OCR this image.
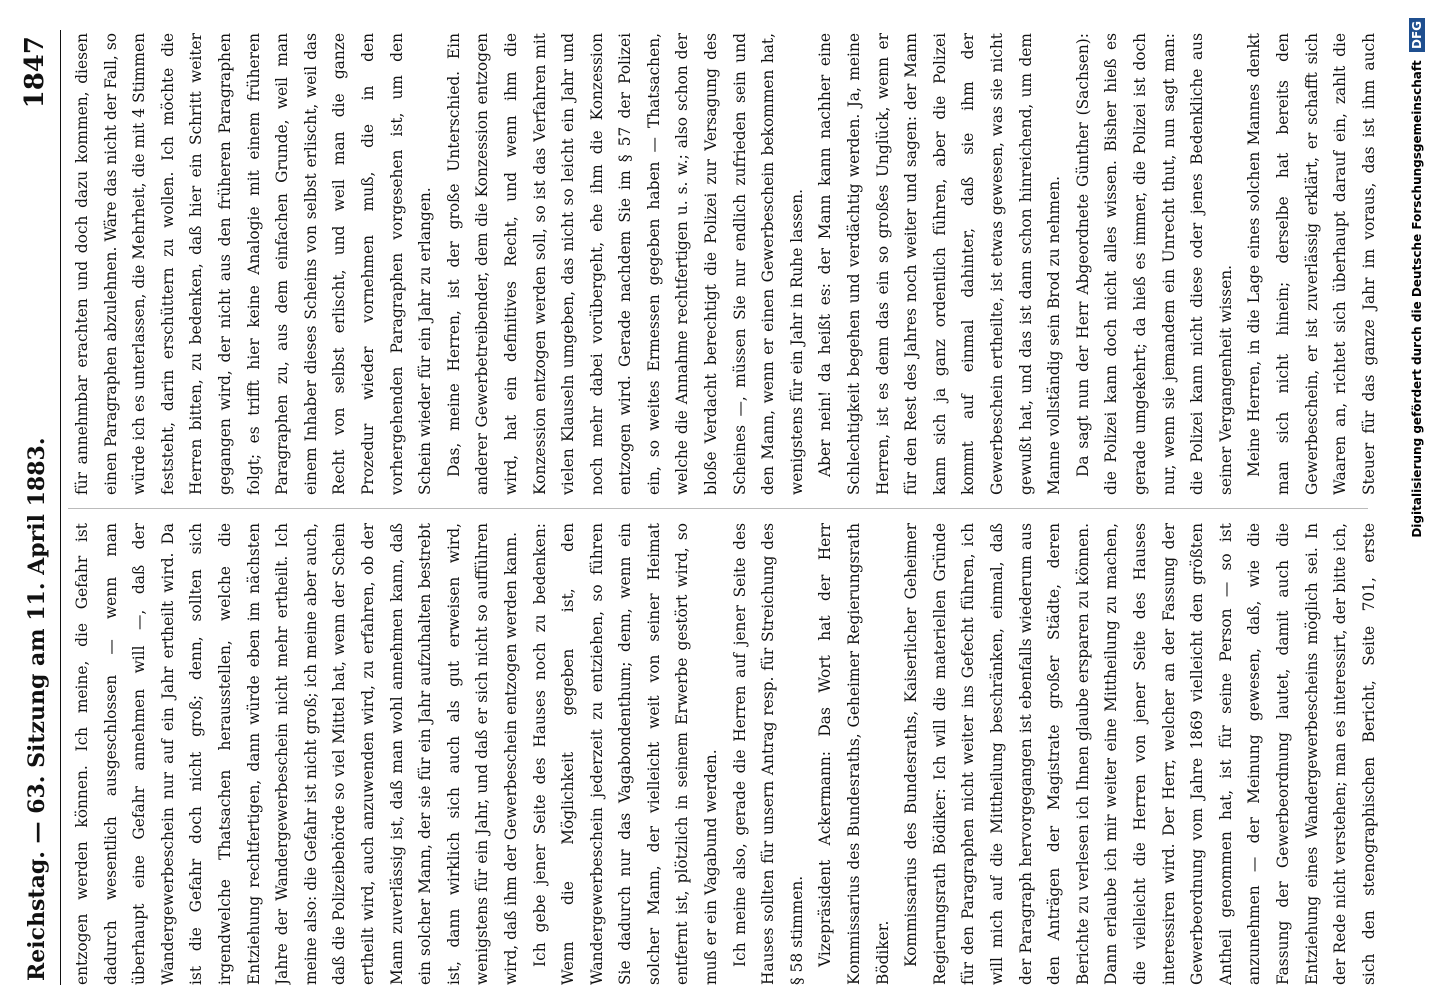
Reichstag. — 63. Sitzung am 11. April 1883.
1847

entzogen werden können. Ich meine, die Gefahr ist dadurch wesentlich ausgeschlossen — wenn man überhaupt eine Gefahr annehmen will —, daß der Wandergewerbeschein nur auf ein Jahr ertheilt wird. Da ist die Gefahr doch nicht groß; denn, sollten sich irgendwelche Thatsachen herausstellen, welche die Entziehung rechtfertigen, dann würde eben im nächsten Jahre der Wandergewerbeschein nicht mehr ertheilt. Ich meine also: die Gefahr ist nicht groß; ich meine aber auch, daß die Polizeibehörde so viel Mittel hat, wenn der Schein ertheilt wird, auch anzuwenden wird, zu erfahren, ob der Mann zuverlässig ist, daß man wohl annehmen kann, daß ein solcher Mann, der sie für ein Jahr aufzuhalten bestrebt ist, dann wirklich sich auch als gut erweisen wird, wenigstens für ein Jahr, und daß er sich nicht so aufführen wird, daß ihm der Gewerbeschein entzogen werden kann. Ich gebe jener Seite des Hauses noch zu bedenken: Wenn die Möglichkeit gegeben ist, den Wandergewerbeschein jederzeit zu entziehen, so führen Sie dadurch nur das Vagabondenthum; denn, wenn ein solcher Mann, der vielleicht weit von seiner Heimat entfernt ist, plötzlich in seinem Erwerbe gestört wird, so muß er ein Vagabund werden. Ich meine also, gerade die Herren auf jener Seite des Hauses sollten für unsern Antrag resp. für Streichung des § 58 stimmen. Vizepräsident Ackermann: Das Wort hat der Herr Kommissarius des Bundesraths, Geheimer Regierungsrath Bödiker. Kommissarius des Bundesraths, Kaiserlicher Geheimer Regierungsrath Bödiker: Ich will die materiellen Gründe für den Paragraphen nicht weiter ins Gefecht führen, ich will mich auf die Mittheilung beschränken, einmal, daß der Paragraph hervorgegangen ist ebenfalls wiederum aus den Anträgen der Magistrate großer Städte, deren Berichte zu verlesen ich Ihnen glaube ersparen zu können. Dann erlaube ich mir weiter eine Mittheilung zu machen, die vielleicht die Herren von jener Seite des Hauses interessiren wird. Der Herr, welcher an der Fassung der Gewerbeordnung vom Jahre 1869 vielleicht den größten Antheil genommen hat, ist für seine Person — so ist anzunehmen — der Meinung gewesen, daß, wie die Fassung der Gewerbeordnung lautet, damit auch die Entziehung eines Wandergewerbescheins möglich sei. In der Rede nicht verstehen; man es interessirt, der bitte ich, sich den stenographischen Bericht, Seite 701, erste

für annehmbar erachten und doch dazu kommen, diesen einen Paragraphen abzulehnen. Wäre das nicht der Fall, so würde ich es unterlassen, die Mehrheit, die mit 4 Stimmen feststeht, darin erschüttern zu wollen. Ich möchte die Herren bitten, zu bedenken, daß hier ein Schritt weiter gegangen wird, der nicht aus den früheren Paragraphen folgt; es trifft hier keine Analogie mit einem früheren Paragraphen zu, aus dem einfachen Grunde, weil man einem Inhaber dieses Scheins von selbst erlischt, weil das Recht von selbst erlischt, und weil man die ganze Prozedur wieder vornehmen muß, die in den vorhergehenden Paragraphen vorgesehen ist, um den Schein wieder für ein Jahr zu erlangen. Das, meine Herren, ist der große Unterschied. Ein anderer Gewerbetreibender, dem die Konzession entzogen wird, hat ein definitives Recht, und wenn ihm die Konzession entzogen werden soll, so ist das Verfahren mit vielen Klauseln umgeben, das nicht so leicht ein Jahr und noch mehr dabei vorübergeht, ehe ihm die Konzession entzogen wird. Gerade nachdem Sie im § 57 der Polizei ein, so weites Ermessen gegeben haben — Thatsachen, welche die Annahme rechtfertigen u. s. w.; also schon der bloße Verdacht berechtigt die Polizei zur Versagung des Scheines —, müssen Sie nur endlich zufrieden sein und den Mann, wenn er einen Gewerbeschein bekommen hat, wenigstens für ein Jahr in Ruhe lassen. Aber nein! da heißt es: der Mann kann nachher eine Schlechtigkeit begehen und verdächtig werden. Ja, meine Herren, ist es denn das ein so großes Unglück, wenn er für den Rest des Jahres noch weiter und sagen: der Mann kann sich ja ganz ordentlich führen, aber die Polizei kommt auf einmal dahinter, daß sie ihm der Gewerbeschein ertheilte, ist etwas gewesen, was sie nicht gewußt hat, und das ist dann schon hinreichend, um dem Manne vollständig sein Brod zu nehmen. Da sagt nun der Herr Abgeordnete Günther (Sachsen): die Polizei kann doch nicht alles wissen. Bisher hieß es gerade umgekehrt; da hieß es immer, die Polizei ist doch nur, wenn sie jemandem ein Unrecht thut, nun sagt man: die Polizei kann nicht diese oder jenes Bedenkliche aus seiner Vergangenheit wissen. Meine Herren, in die Lage eines solchen Mannes denkt man sich nicht hinein; derselbe hat bereits den Gewerbeschein, er ist zuverlässig erklärt, er schafft sich Waaren an, richtet sich überhaupt darauf ein, zahlt die Steuer für das ganze Jahr im voraus, das ist ihm auch

Digitalisierung gefördert durch die Deutsche Forschungsgemeinschaft DFG
